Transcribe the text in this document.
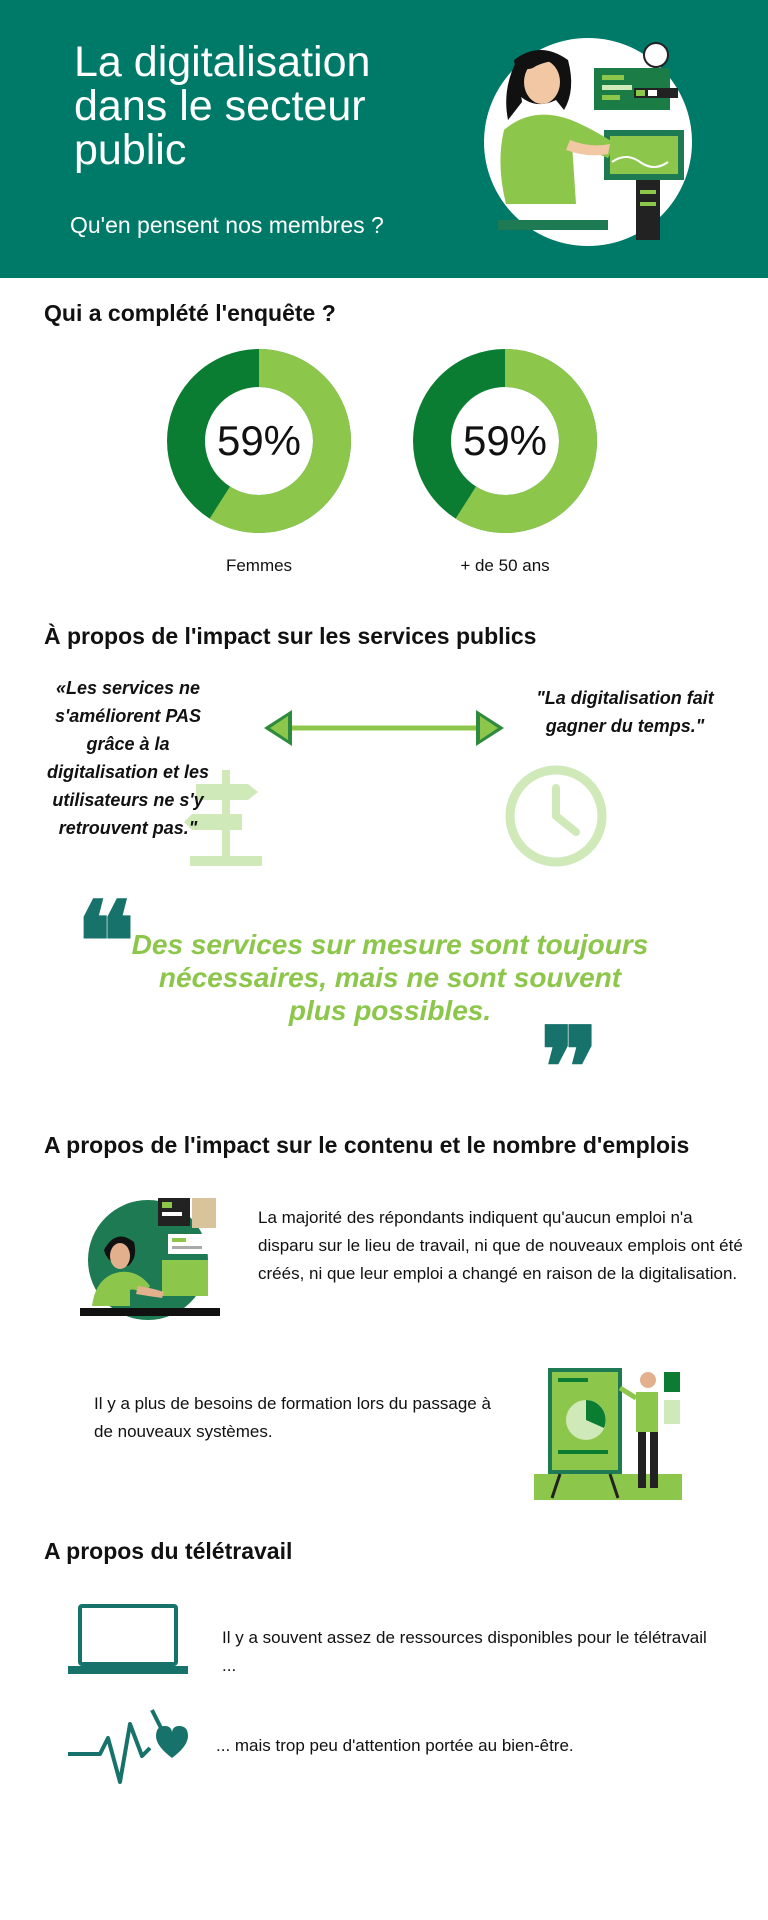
La digitalisation dans le secteur public
Qu'en pensent nos membres ?
Qui a complété l'enquête ?
59%
Femmes
59%
+ de 50 ans
À propos de l'impact sur les services publics
«Les services ne s'améliorent PAS grâce à la digitalisation et les utilisateurs ne s'y retrouvent pas."
"La digitalisation fait gagner du temps."
❝
Des services sur mesure sont toujours nécessaires, mais ne sont souvent plus possibles. ❞
A propos de l'impact sur le contenu et le nombre d'emplois
La majorité des répondants indiquent qu'aucun emploi n'a disparu sur le lieu de travail, ni que de nouveaux emplois ont été créés, ni que leur emploi a changé en raison de la digitalisation.
Il y a plus de besoins de formation lors du passage à de nouveaux systèmes.
A propos du télétravail
Il y a souvent assez de ressources disponibles pour le télétravail ...
... mais trop peu d'attention portée au bien-être.
